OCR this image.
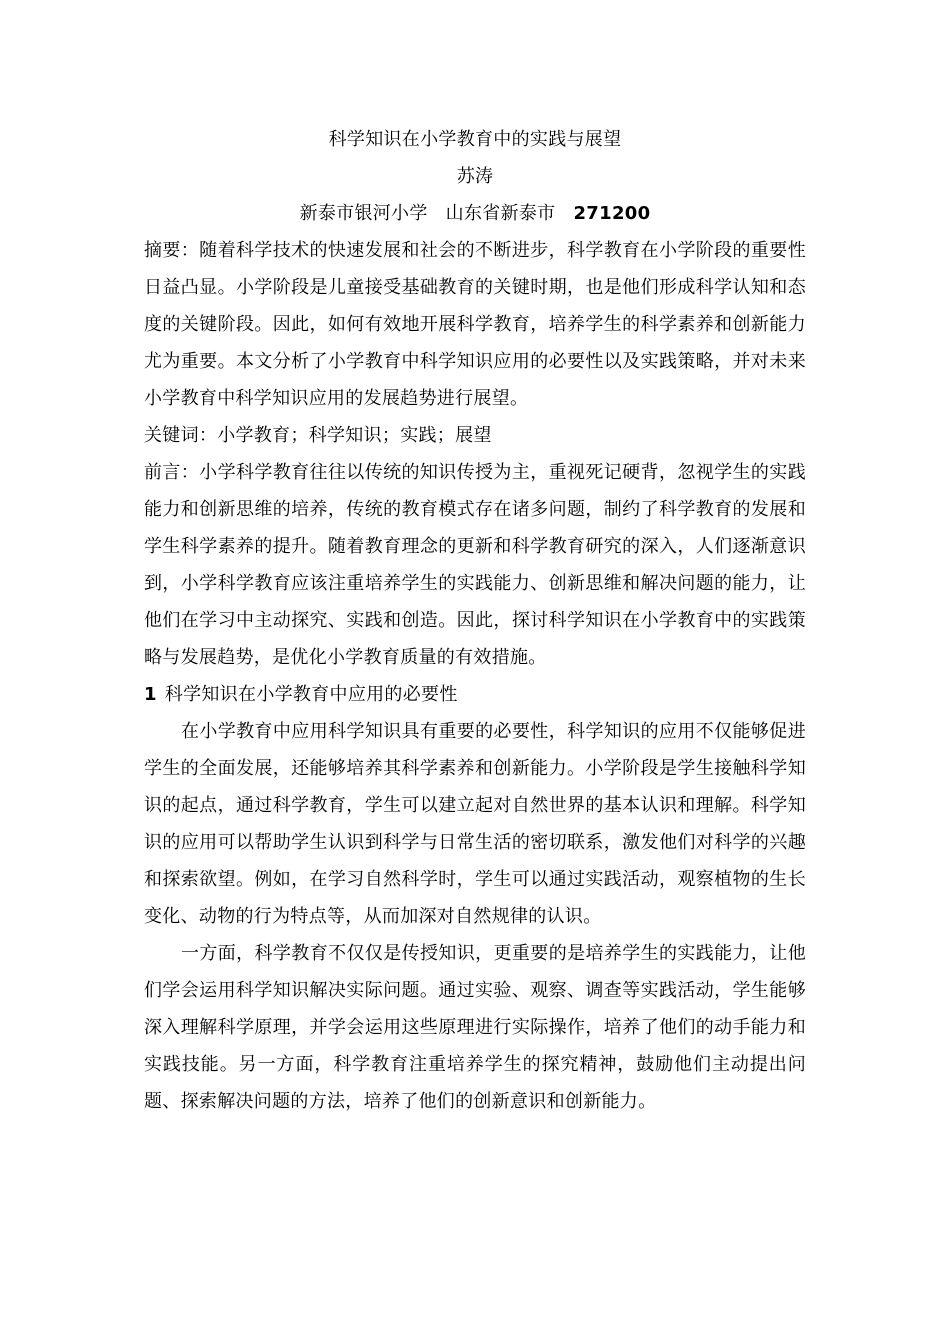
科学知识在小学教育中的实践与展望

苏涛

新泰市银河小学 山东省新泰市 271200

摘要：随着科学技术的快速发展和社会的不断进步，科学教育在小学阶段的重要性日益凸显。小学阶段是儿童接受基础教育的关键时期，也是他们形成科学认知和态度的关键阶段。因此，如何有效地开展科学教育，培养学生的科学素养和创新能力尤为重要。本文分析了小学教育中科学知识应用的必要性以及实践策略，并对未来小学教育中科学知识应用的发展趋势进行展望。

关键词：小学教育；科学知识；实践；展望

前言：小学科学教育往往以传统的知识传授为主，重视死记硬背，忽视学生的实践能力和创新思维的培养，传统的教育模式存在诸多问题，制约了科学教育的发展和学生科学素养的提升。随着教育理念的更新和科学教育研究的深入，人们逐渐意识到，小学科学教育应该注重培养学生的实践能力、创新思维和解决问题的能力，让他们在学习中主动探究、实践和创造。因此，探讨科学知识在小学教育中的实践策略与发展趋势，是优化小学教育质量的有效措施。

1 科学知识在小学教育中应用的必要性

在小学教育中应用科学知识具有重要的必要性，科学知识的应用不仅能够促进学生的全面发展，还能够培养其科学素养和创新能力。小学阶段是学生接触科学知识的起点，通过科学教育，学生可以建立起对自然世界的基本认识和理解。科学知识的应用可以帮助学生认识到科学与日常生活的密切联系，激发他们对科学的兴趣和探索欲望。例如，在学习自然科学时，学生可以通过实践活动，观察植物的生长变化、动物的行为特点等，从而加深对自然规律的认识。

一方面，科学教育不仅仅是传授知识，更重要的是培养学生的实践能力，让他们学会运用科学知识解决实际问题。通过实验、观察、调查等实践活动，学生能够深入理解科学原理，并学会运用这些原理进行实际操作，培养了他们的动手能力和实践技能。另一方面，科学教育注重培养学生的探究精神，鼓励他们主动提出问题、探索解决问题的方法，培养了他们的创新意识和创新能力。
